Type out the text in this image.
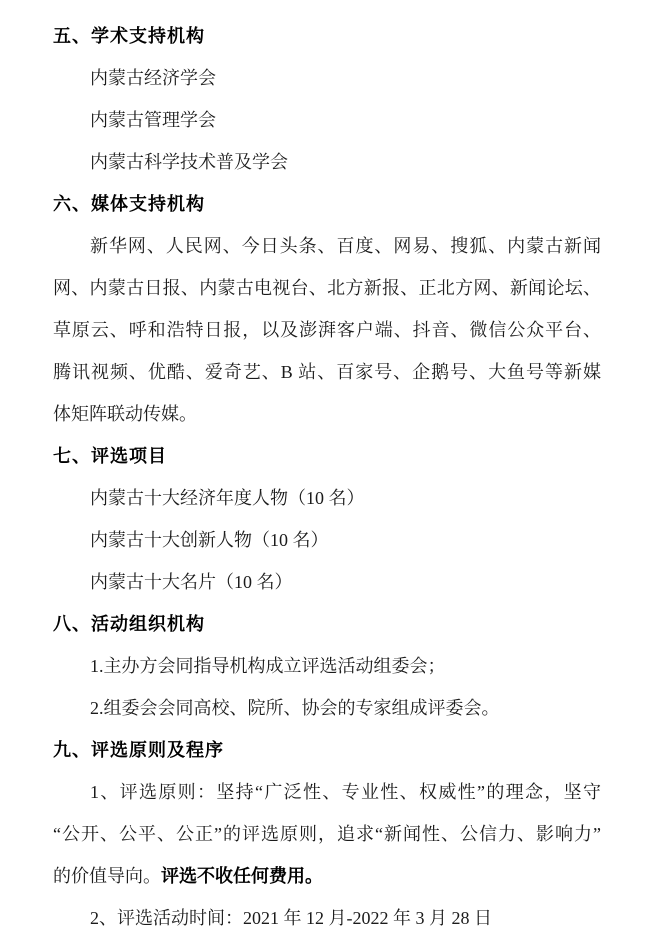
五、学术支持机构
内蒙古经济学会
内蒙古管理学会
内蒙古科学技术普及学会
六、媒体支持机构
新华网、人民网、今日头条、百度、网易、搜狐、内蒙古新闻
网、内蒙古日报、内蒙古电视台、北方新报、正北方网、新闻论坛、
草原云、呼和浩特日报，以及澎湃客户端、抖音、微信公众平台、
腾讯视频、优酷、爱奇艺、B 站、百家号、企鹅号、大鱼号等新媒
体矩阵联动传媒。
七、评选项目
内蒙古十大经济年度人物（10 名）
内蒙古十大创新人物（10 名）
内蒙古十大名片（10 名）
八、活动组织机构
1.主办方会同指导机构成立评选活动组委会；
2.组委会会同高校、院所、协会的专家组成评委会。
九、评选原则及程序
1、评选原则：坚持“广泛性、专业性、权威性”的理念，坚守
“公开、公平、公正”的评选原则，追求“新闻性、公信力、影响力”
的价值导向。评选不收任何费用。
2、评选活动时间：2021 年 12 月-2022 年 3 月 28 日
